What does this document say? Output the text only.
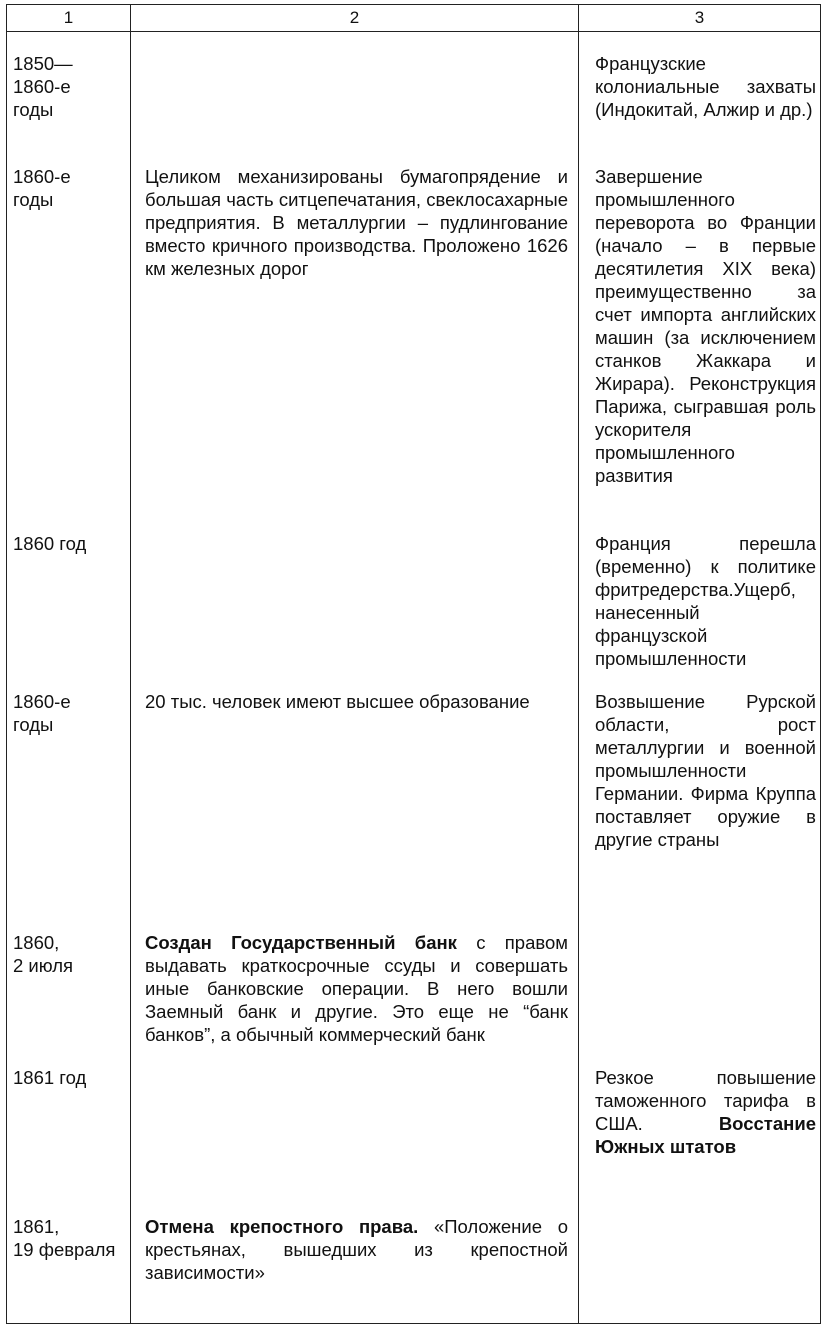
1	2	3

1850—
1860-е
годы		Французские колониальные захваты (Индокитай, Алжир и др.)

1860-е
годы	Целиком механизированы бумагопрядение и большая часть ситцепечатания, свеклосахарные предприятия. В металлургии – пудлингование вместо кричного производства. Проложено 1626 км железных дорог	Завершение промышленного переворота во Франции (начало – в первые десятилетия XIX века) преимущественно за счет импорта английских машин (за исключением станков Жаккара и Жирара). Реконструкция Парижа, сыгравшая роль ускорителя промышленного развития

1860 год		Франция перешла (временно) к политике фритредерства.Ущерб, нанесенный французской промышленности

1860-е
годы	20 тыс. человек имеют высшее образование	Возвышение Рурской области, рост металлургии и военной промышленности Германии. Фирма Круппа поставляет оружие в другие страны

1860,
2 июля	Создан Государственный банк с правом выдавать краткосрочные ссуды и совершать иные банковские операции. В него вошли Заемный банк и другие. Это еще не “банк банков”, а обычный коммерческий банк	

1861 год		Резкое повышение таможенного тарифа в США. Восстание Южных штатов

1861,
19 февраля	Отмена крепостного права. «Положение о крестьянах, вышедших из крепостной зависимости»	
